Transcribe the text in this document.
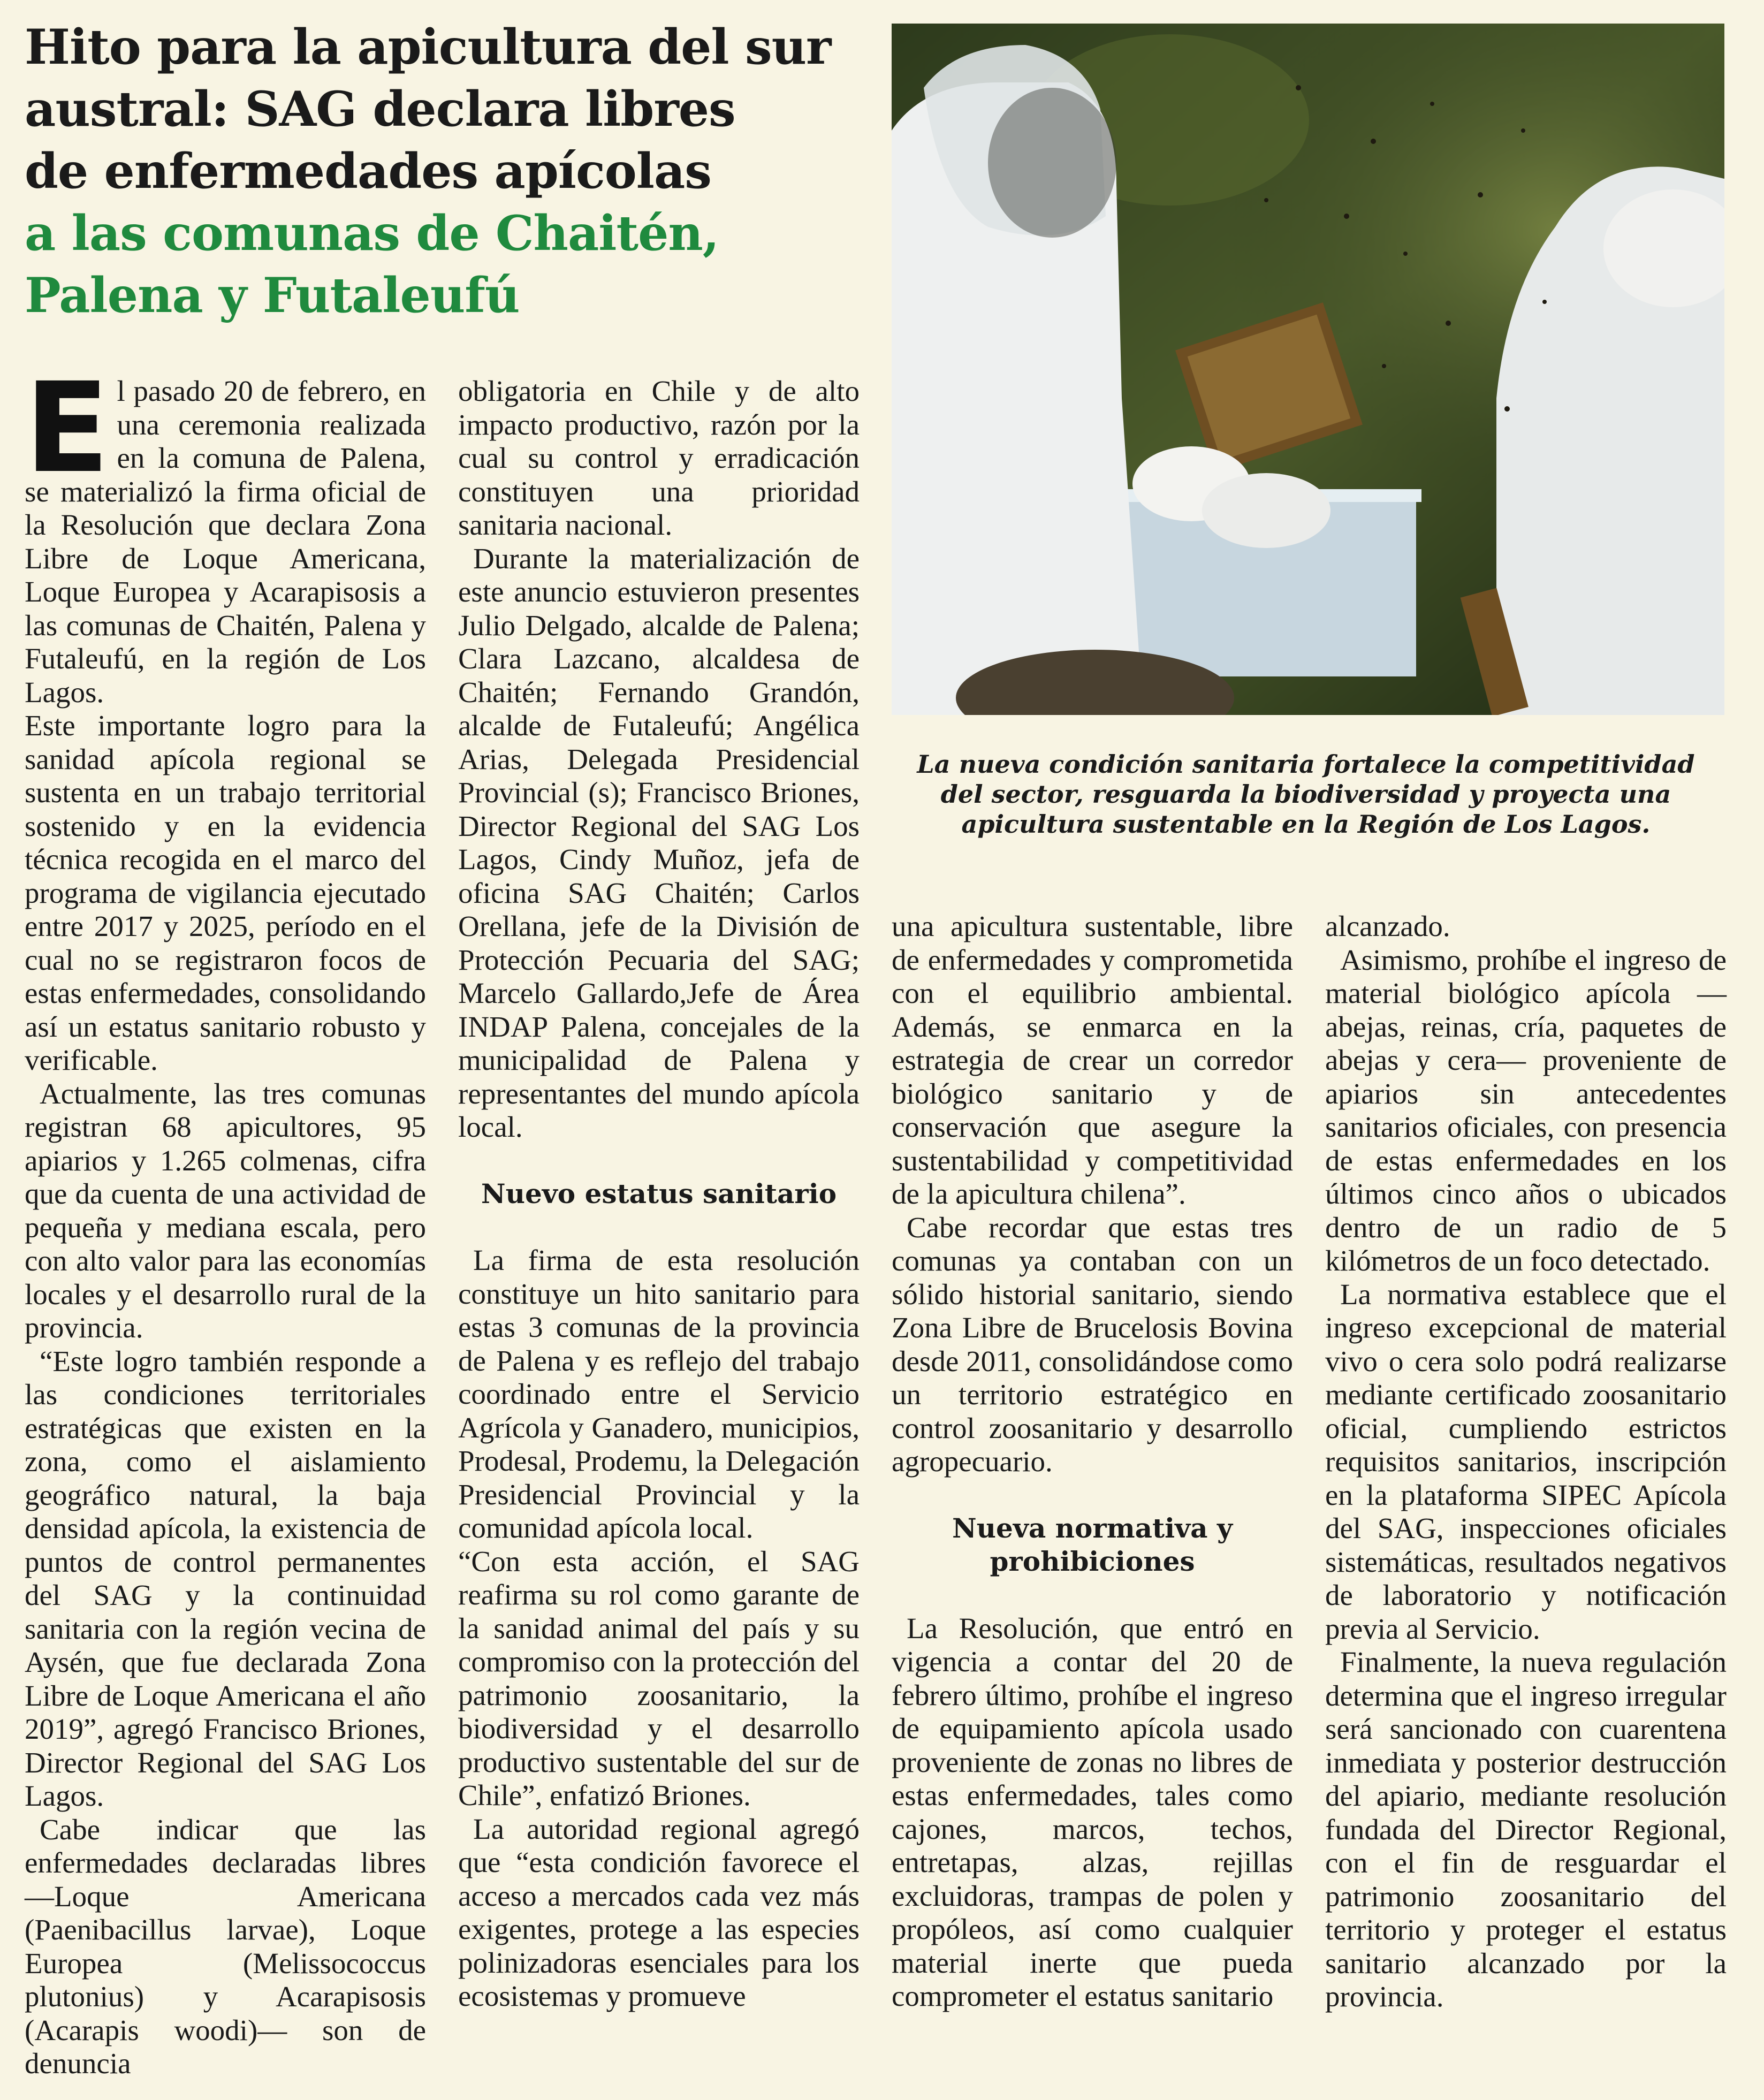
Hito para la apicultura del sur
austral: SAG declara libres
de enfermedades apícolas
a las comunas de Chaitén,
Palena y Futaleufú
La nueva condición sanitaria fortalece la competitividad del sector, resguarda la biodiversidad y proyecta una apicultura sustentable en la Región de Los Lagos.

El pasado 20 de febrero, en una ceremonia realizada en la comuna de Palena, se materializó la firma oficial de la Resolución que declara Zona Libre de Loque Americana, Loque Europea y Acarapisosis a las comunas de Chaitén, Palena y Futaleufú, en la región de Los Lagos.

Este importante logro para la sanidad apícola regional se sustenta en un trabajo territorial sostenido y en la evidencia técnica recogida en el marco del programa de vigilancia ejecutado entre 2017 y 2025, período en el cual no se registraron focos de estas enfermedades, consolidando así un estatus sanitario robusto y verificable.

Actualmente, las tres comunas registran 68 apicultores, 95 apiarios y 1.265 colmenas, cifra que da cuenta de una actividad de pequeña y mediana escala, pero con alto valor para las economías locales y el desarrollo rural de la provincia.

“Este logro también responde a las condiciones territoriales estratégicas que existen en la zona, como el aislamiento geográfico natural, la baja densidad apícola, la existencia de puntos de control permanentes del SAG y la continuidad sanitaria con la región vecina de Aysén, que fue declarada Zona Libre de Loque Americana el año 2019”, agregó Francisco Briones, Director Regional del SAG Los Lagos.

Cabe indicar que las enfermedades declaradas libres —Loque Americana (Paenibacillus larvae), Loque Europea (Melissococcus plutonius) y Acarapisosis (Acarapis woodi)— son de denuncia

obligatoria en Chile y de alto impacto productivo, razón por la cual su control y erradicación constituyen una prioridad sanitaria nacional.

Durante la materialización de este anuncio estuvieron presentes Julio Delgado, alcalde de Palena; Clara Lazcano, alcaldesa de Chaitén; Fernando Grandón, alcalde de Futaleufú; Angélica Arias, Delegada Presidencial Provincial (s); Francisco Briones, Director Regional del SAG Los Lagos, Cindy Muñoz, jefa de oficina SAG Chaitén; Carlos Orellana, jefe de la División de Protección Pecuaria del SAG; Marcelo Gallardo,Jefe de Área INDAP Palena, concejales de la municipalidad de Palena y representantes del mundo apícola local.

Nuevo estatus sanitario

La firma de esta resolución constituye un hito sanitario para estas 3 comunas de la provincia de Palena y es reflejo del trabajo coordinado entre el Servicio Agrícola y Ganadero, municipios, Prodesal, Prodemu, la Delegación Presidencial Provincial y la comunidad apícola local.

“Con esta acción, el SAG reafirma su rol como garante de la sanidad animal del país y su compromiso con la protección del patrimonio zoosanitario, la biodiversidad y el desarrollo productivo sustentable del sur de Chile”, enfatizó Briones.

La autoridad regional agregó que “esta condición favorece el acceso a mercados cada vez más exigentes, protege a las especies polinizadoras esenciales para los ecosistemas y promueve

una apicultura sustentable, libre de enfermedades y comprometida con el equilibrio ambiental. Además, se enmarca en la estrategia de crear un corredor biológico sanitario y de conservación que asegure la sustentabilidad y competitividad de la apicultura chilena”.

Cabe recordar que estas tres comunas ya contaban con un sólido historial sanitario, siendo Zona Libre de Brucelosis Bovina desde 2011, consolidándose como un territorio estratégico en control zoosanitario y desarrollo agropecuario.

Nueva normativa y prohibiciones

La Resolución, que entró en vigencia a contar del 20 de febrero último, prohíbe el ingreso de equipamiento apícola usado proveniente de zonas no libres de estas enfermedades, tales como cajones, marcos, techos, entretapas, alzas, rejillas excluidoras, trampas de polen y propóleos, así como cualquier material inerte que pueda comprometer el estatus sanitario

alcanzado.

Asimismo, prohíbe el ingreso de material biológico apícola —abejas, reinas, cría, paquetes de abejas y cera— proveniente de apiarios sin antecedentes sanitarios oficiales, con presencia de estas enfermedades en los últimos cinco años o ubicados dentro de un radio de 5 kilómetros de un foco detectado.

La normativa establece que el ingreso excepcional de material vivo o cera solo podrá realizarse mediante certificado zoosanitario oficial, cumpliendo estrictos requisitos sanitarios, inscripción en la plataforma SIPEC Apícola del SAG, inspecciones oficiales sistemáticas, resultados negativos de laboratorio y notificación previa al Servicio.

Finalmente, la nueva regulación determina que el ingreso irregular será sancionado con cuarentena inmediata y posterior destrucción del apiario, mediante resolución fundada del Director Regional, con el fin de resguardar el patrimonio zoosanitario del territorio y proteger el estatus sanitario alcanzado por la provincia.
